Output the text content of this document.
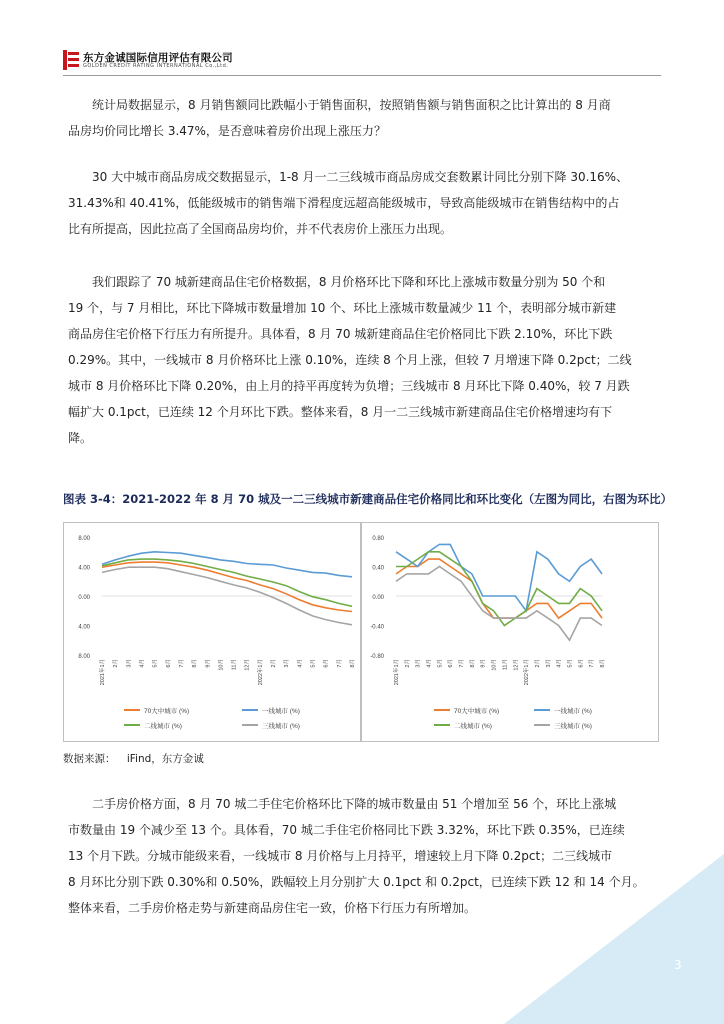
东方金诚国际信用评估有限公司
GOLDEN CREDIT RATING INTERNATIONAL Co.,Ltd.
统计局数据显示，8 月销售额同比跌幅小于销售面积，按照销售额与销售面积之比计算出的 8 月商
品房均价同比增长 3.47%，是否意味着房价出现上涨压力？
30 大中城市商品房成交数据显示，1-8 月一二三线城市商品房成交套数累计同比分别下降 30.16%、
31.43%和 40.41%，低能级城市的销售端下滑程度远超高能级城市，导致高能级城市在销售结构中的占
比有所提高，因此拉高了全国商品房均价，并不代表房价上涨压力出现。
我们跟踪了 70 城新建商品住宅价格数据，8 月价格环比下降和环比上涨城市数量分别为 50 个和
19 个，与 7 月相比，环比下降城市数量增加 10 个、环比上涨城市数量减少 11 个，表明部分城市新建
商品房住宅价格下行压力有所提升。具体看，8 月 70 城新建商品住宅价格同比下跌 2.10%，环比下跌
0.29%。其中，一线城市 8 月价格环比上涨 0.10%，连续 8 个月上涨，但较 7 月增速下降 0.2pct；二线
城市 8 月价格环比下降 0.20%，由上月的持平再度转为负增；三线城市 8 月环比下降 0.40%，较 7 月跌
幅扩大 0.1pct，已连续 12 个月环比下跌。整体来看，8 月一二三线城市新建商品住宅价格增速均有下
降。
图表 3-4：2021-2022 年 8 月 70 城及一二三线城市新建商品住宅价格同比和环比变化（左图为同比，右图为环比）
8.00
4.00
0.00
4.00
8.00
2021年1月	2月	3月	4月	5月	6月	7月	8月	9月	10月	11月	12月	2022年1月	2月	3月	4月	5月	6月	7月	8月
70大中城市 (%)	一线城市 (%)
二线城市 (%)	三线城市 (%)
0.80
0.40
0.00
-0.40
-0.80
2021年1月 2月 3月 4月 5月 6月 7月 8月 9月 10月 11月 12月 2022年1月 2月 3月 4月 5月 6月 7月 8月
70大中城市 (%)	一线城市 (%)
二线城市 (%)	三线城市 (%)
数据来源： iFind，东方金诚
二手房价格方面，8 月 70 城二手住宅价格环比下降的城市数量由 51 个增加至 56 个，环比上涨城
市数量由 19 个减少至 13 个。具体看，70 城二手住宅价格同比下跌 3.32%，环比下跌 0.35%，已连续
13 个月下跌。分城市能级来看，一线城市 8 月价格与上月持平，增速较上月下降 0.2pct；二三线城市
8 月环比分别下跌 0.30%和 0.50%，跌幅较上月分别扩大 0.1pct 和 0.2pct，已连续下跌 12 和 14 个月。
整体来看，二手房价格走势与新建商品房住宅一致，价格下行压力有所增加。
3
